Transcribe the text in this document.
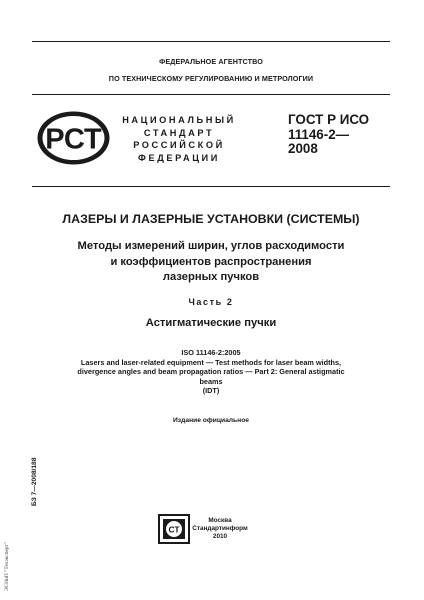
ФЕДЕРАЛЬНОЕ АГЕНТСТВО
ПО ТЕХНИЧЕСКОМУ РЕГУЛИРОВАНИЮ И МЕТРОЛОГИИ
РСТ
НАЦИОНАЛЬНЫЙ
СТАНДАРТ
РОССИЙСКОЙ
ФЕДЕРАЦИИ
ГОСТ Р ИСО
11146-2—
2008
ЛАЗЕРЫ И ЛАЗЕРНЫЕ УСТАНОВКИ (СИСТЕМЫ)
Методы измерений ширин, углов расходимости
и коэффициентов распространения
лазерных пучков
Часть 2
Астигматические пучки
ISO 11146-2:2005
Lasers and laser-related equipment — Test methods for laser beam widths,
divergence angles and beam propagation ratios — Part 2: General astigmatic
beams
(IDT)
Издание официальное
БЗ 7—2008/188
ЭСНиП "Техэксперт"
СТ
Москва
Стандартинформ
2010
